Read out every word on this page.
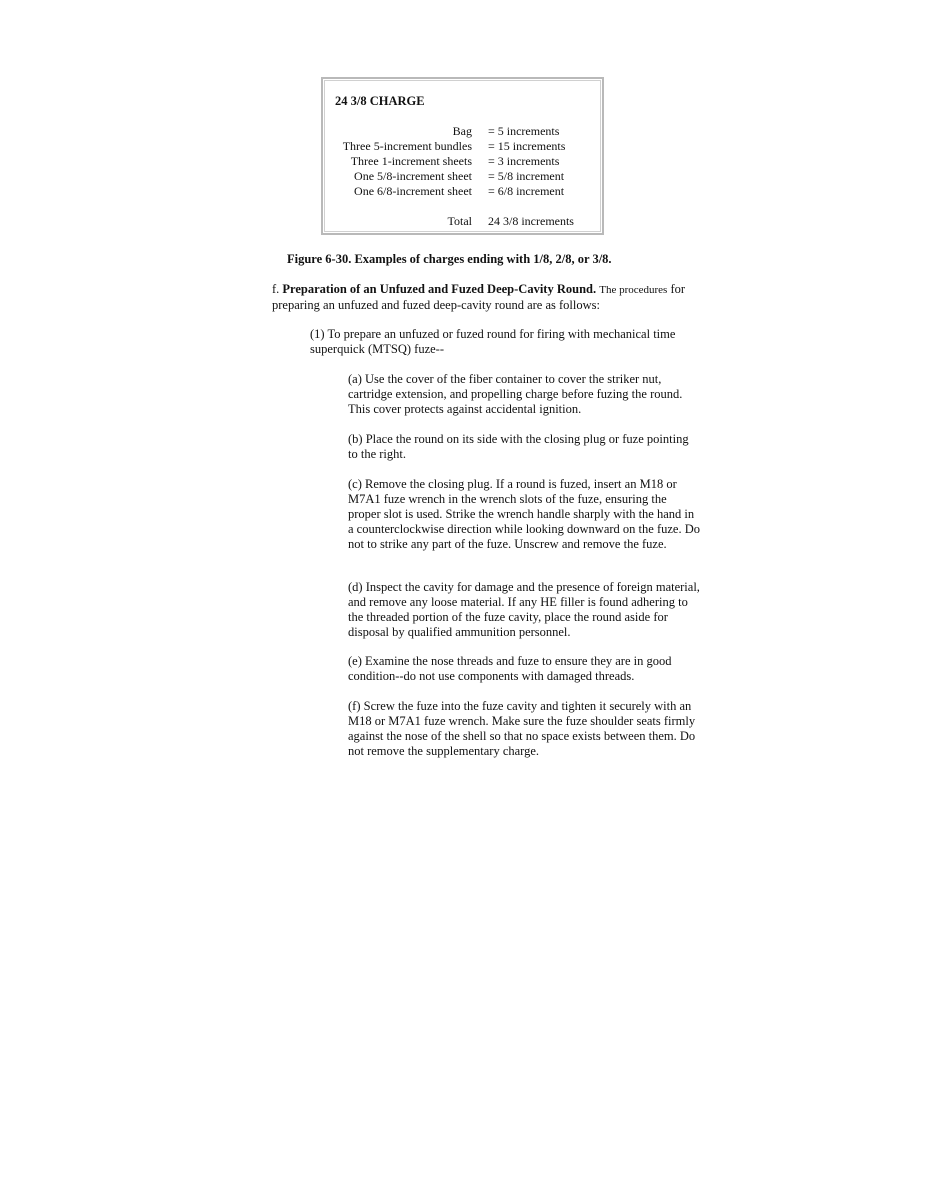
24 3/8 CHARGE
Bag = 5 increments
Three 5-increment bundles = 15 increments
Three 1-increment sheets = 3 increments
One 5/8-increment sheet = 5/8 increment
One 6/8-increment sheet = 6/8 increment
Total 24 3/8 increments
Figure 6-30. Examples of charges ending with 1/8, 2/8, or 3/8.

f. Preparation of an Unfuzed and Fuzed Deep-Cavity Round. The procedures for preparing an unfuzed and fuzed deep-cavity round are as follows:

(1) To prepare an unfuzed or fuzed round for firing with mechanical time superquick (MTSQ) fuze--

(a) Use the cover of the fiber container to cover the striker nut, cartridge extension, and propelling charge before fuzing the round. This cover protects against accidental ignition.

(b) Place the round on its side with the closing plug or fuze pointing to the right.

(c) Remove the closing plug. If a round is fuzed, insert an M18 or M7A1 fuze wrench in the wrench slots of the fuze, ensuring the proper slot is used. Strike the wrench handle sharply with the hand in a counterclockwise direction while looking downward on the fuze. Do not to strike any part of the fuze. Unscrew and remove the fuze.

(d) Inspect the cavity for damage and the presence of foreign material, and remove any loose material. If any HE filler is found adhering to the threaded portion of the fuze cavity, place the round aside for disposal by qualified ammunition personnel.

(e) Examine the nose threads and fuze to ensure they are in good condition--do not use components with damaged threads.

(f) Screw the fuze into the fuze cavity and tighten it securely with an M18 or M7A1 fuze wrench. Make sure the fuze shoulder seats firmly against the nose of the shell so that no space exists between them. Do not remove the supplementary charge.
